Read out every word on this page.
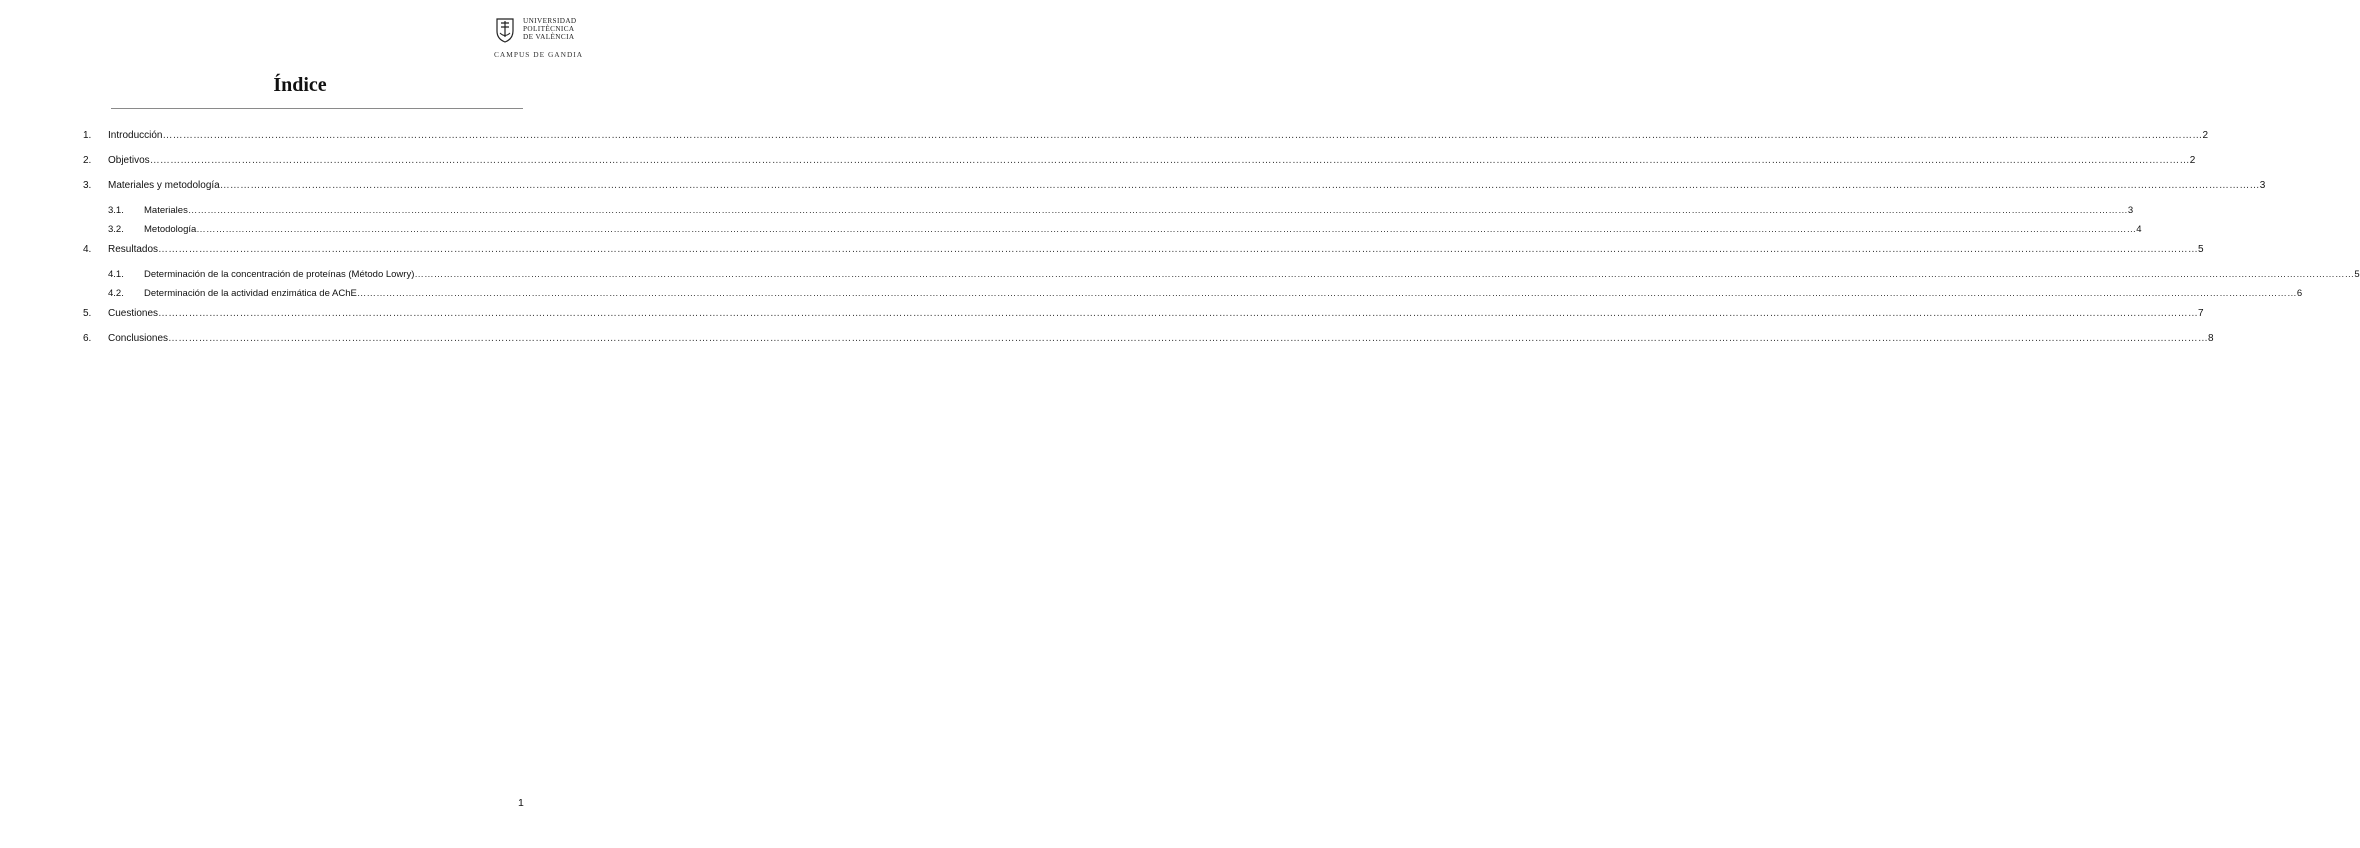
UNIVERSIDAD
POLITÈCNICA
DE VALÈNCIA
CAMPUS DE GANDIA
Índice
1. Introducción …………………………………………………………………………………………………………………………………………………………………………………………………………………………………………………………………………………………………………………………………………………………………………………………………………………………………………………………………………………………………………………………………………………… 2
2. Objetivos …………………………………………………………………………………………………………………………………………………………………………………………………………………………………………………………………………………………………………………………………………………………………………………………………………………………………………………………………………………………………………………………………………………… 2
3. Materiales y metodología …………………………………………………………………………………………………………………………………………………………………………………………………………………………………………………………………………………………………………………………………………………………………………………………………………………………………………………………………………………………………………………………………………………… 3
3.1. Materiales …………………………………………………………………………………………………………………………………………………………………………………………………………………………………………………………………………………………………………………………………………………………………………………………………………………………………………………………………………………………………………………………………………………… 3
3.2. Metodología …………………………………………………………………………………………………………………………………………………………………………………………………………………………………………………………………………………………………………………………………………………………………………………………………………………………………………………………………………………………………………………………………………………… 4
4. Resultados …………………………………………………………………………………………………………………………………………………………………………………………………………………………………………………………………………………………………………………………………………………………………………………………………………………………………………………………………………………………………………………………………………………… 5
4.1. Determinación de la concentración de proteínas (Método Lowry) …………………………………………………………………………………………………………………………………………………………………………………………………………………………………………………………………………………………………………………………………………………………………………………………………………………………………………………………………………………………………………………………………………………… 5
4.2. Determinación de la actividad enzimática de AChE …………………………………………………………………………………………………………………………………………………………………………………………………………………………………………………………………………………………………………………………………………………………………………………………………………………………………………………………………………………………………………………………………………………… 6
5. Cuestiones …………………………………………………………………………………………………………………………………………………………………………………………………………………………………………………………………………………………………………………………………………………………………………………………………………………………………………………………………………………………………………………………………………………… 7
6. Conclusiones …………………………………………………………………………………………………………………………………………………………………………………………………………………………………………………………………………………………………………………………………………………………………………………………………………………………………………………………………………………………………………………………………………………… 8
1
